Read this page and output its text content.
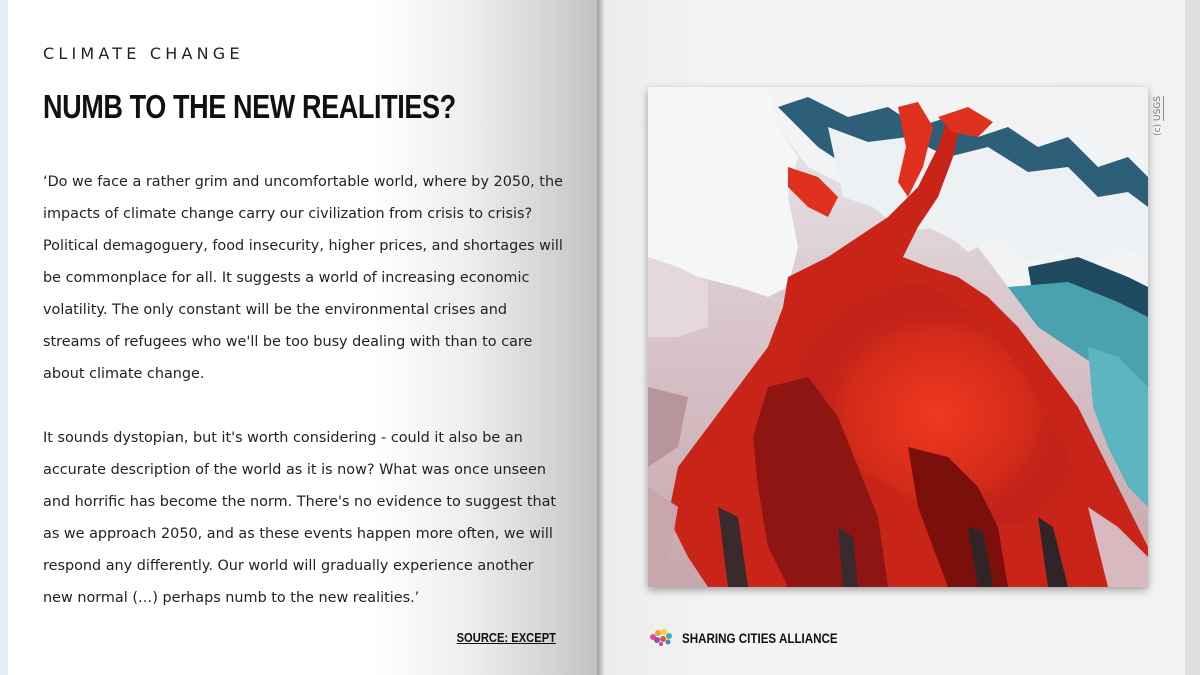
CLIMATE CHANGE
NUMB TO THE NEW REALITIES?

‘Do we face a rather grim and uncomfortable world, where by 2050, the impacts of climate change carry our civilization from crisis to crisis? Political demagoguery, food insecurity, higher prices, and shortages will be commonplace for all. It suggests a world of increasing economic volatility. The only constant will be the environmental crises and streams of refugees who we'll be too busy dealing with than to care about climate change.

It sounds dystopian, but it's worth considering - could it also be an accurate description of the world as it is now? What was once unseen and horrific has become the norm. There's no evidence to suggest that as we approach 2050, and as these events happen more often, we will respond any differently. Our world will gradually experience another new normal (…) perhaps numb to the new realities.’

SOURCE: EXCEPT
(c) USGS
SHARING CITIES ALLIANCE
